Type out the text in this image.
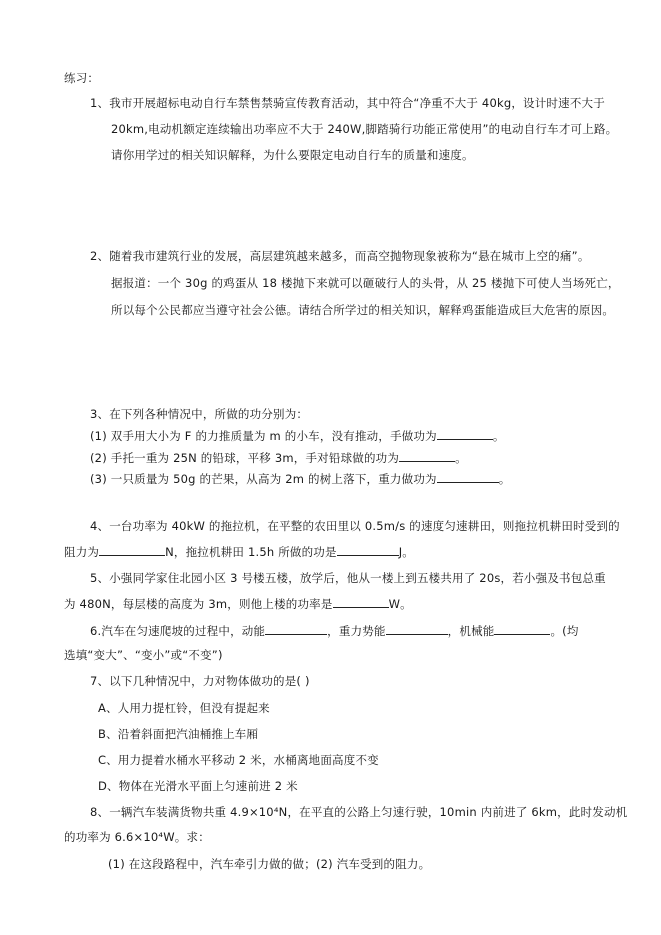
练习：
1、我市开展超标电动自行车禁售禁骑宣传教育活动，其中符合“净重不大于 40kg，设计时速不大于
20km,电动机额定连续输出功率应不大于 240W,脚踏骑行功能正常使用”的电动自行车才可上路。
请你用学过的相关知识解释，为什么要限定电动自行车的质量和速度。
2、随着我市建筑行业的发展，高层建筑越来越多，而高空抛物现象被称为“悬在城市上空的痛”。
据报道：一个 30g 的鸡蛋从 18 楼抛下来就可以砸破行人的头骨，从 25 楼抛下可使人当场死亡，
所以每个公民都应当遵守社会公德。请结合所学过的相关知识，解释鸡蛋能造成巨大危害的原因。
3、在下列各种情况中，所做的功分别为：
(1) 双手用大小为 F 的力推质量为 m 的小车，没有推动，手做功为	。
(2) 手托一重为 25N 的铅球，平移 3m，手对铅球做的功为	。
(3) 一只质量为 50g 的芒果，从高为 2m 的树上落下，重力做功为	。
4、一台功率为 40kW 的拖拉机，在平整的农田里以 0.5m/s 的速度匀速耕田，则拖拉机耕田时受到的
阻力为	N，拖拉机耕田 1.5h 所做的功是	J。
5、小强同学家住北园小区 3 号楼五楼，放学后，他从一楼上到五楼共用了 20s，若小强及书包总重
为 480N，每层楼的高度为 3m，则他上楼的功率是	W。
6.汽车在匀速爬坡的过程中，动能	，重力势能	，机械能	。(均
选填“变大”、“变小”或“不变”)
7、以下几种情况中，力对物体做功的是( )
A、人用力提杠铃，但没有提起来
B、沿着斜面把汽油桶推上车厢
C、用力提着水桶水平移动 2 米，水桶离地面高度不变
D、物体在光滑水平面上匀速前进 2 米
8、一辆汽车装满货物共重 4.9×10⁴N，在平直的公路上匀速行驶，10min 内前进了 6km，此时发动机
的功率为 6.6×10⁴W。求：
(1) 在这段路程中，汽车牵引力做的做；(2) 汽车受到的阻力。
